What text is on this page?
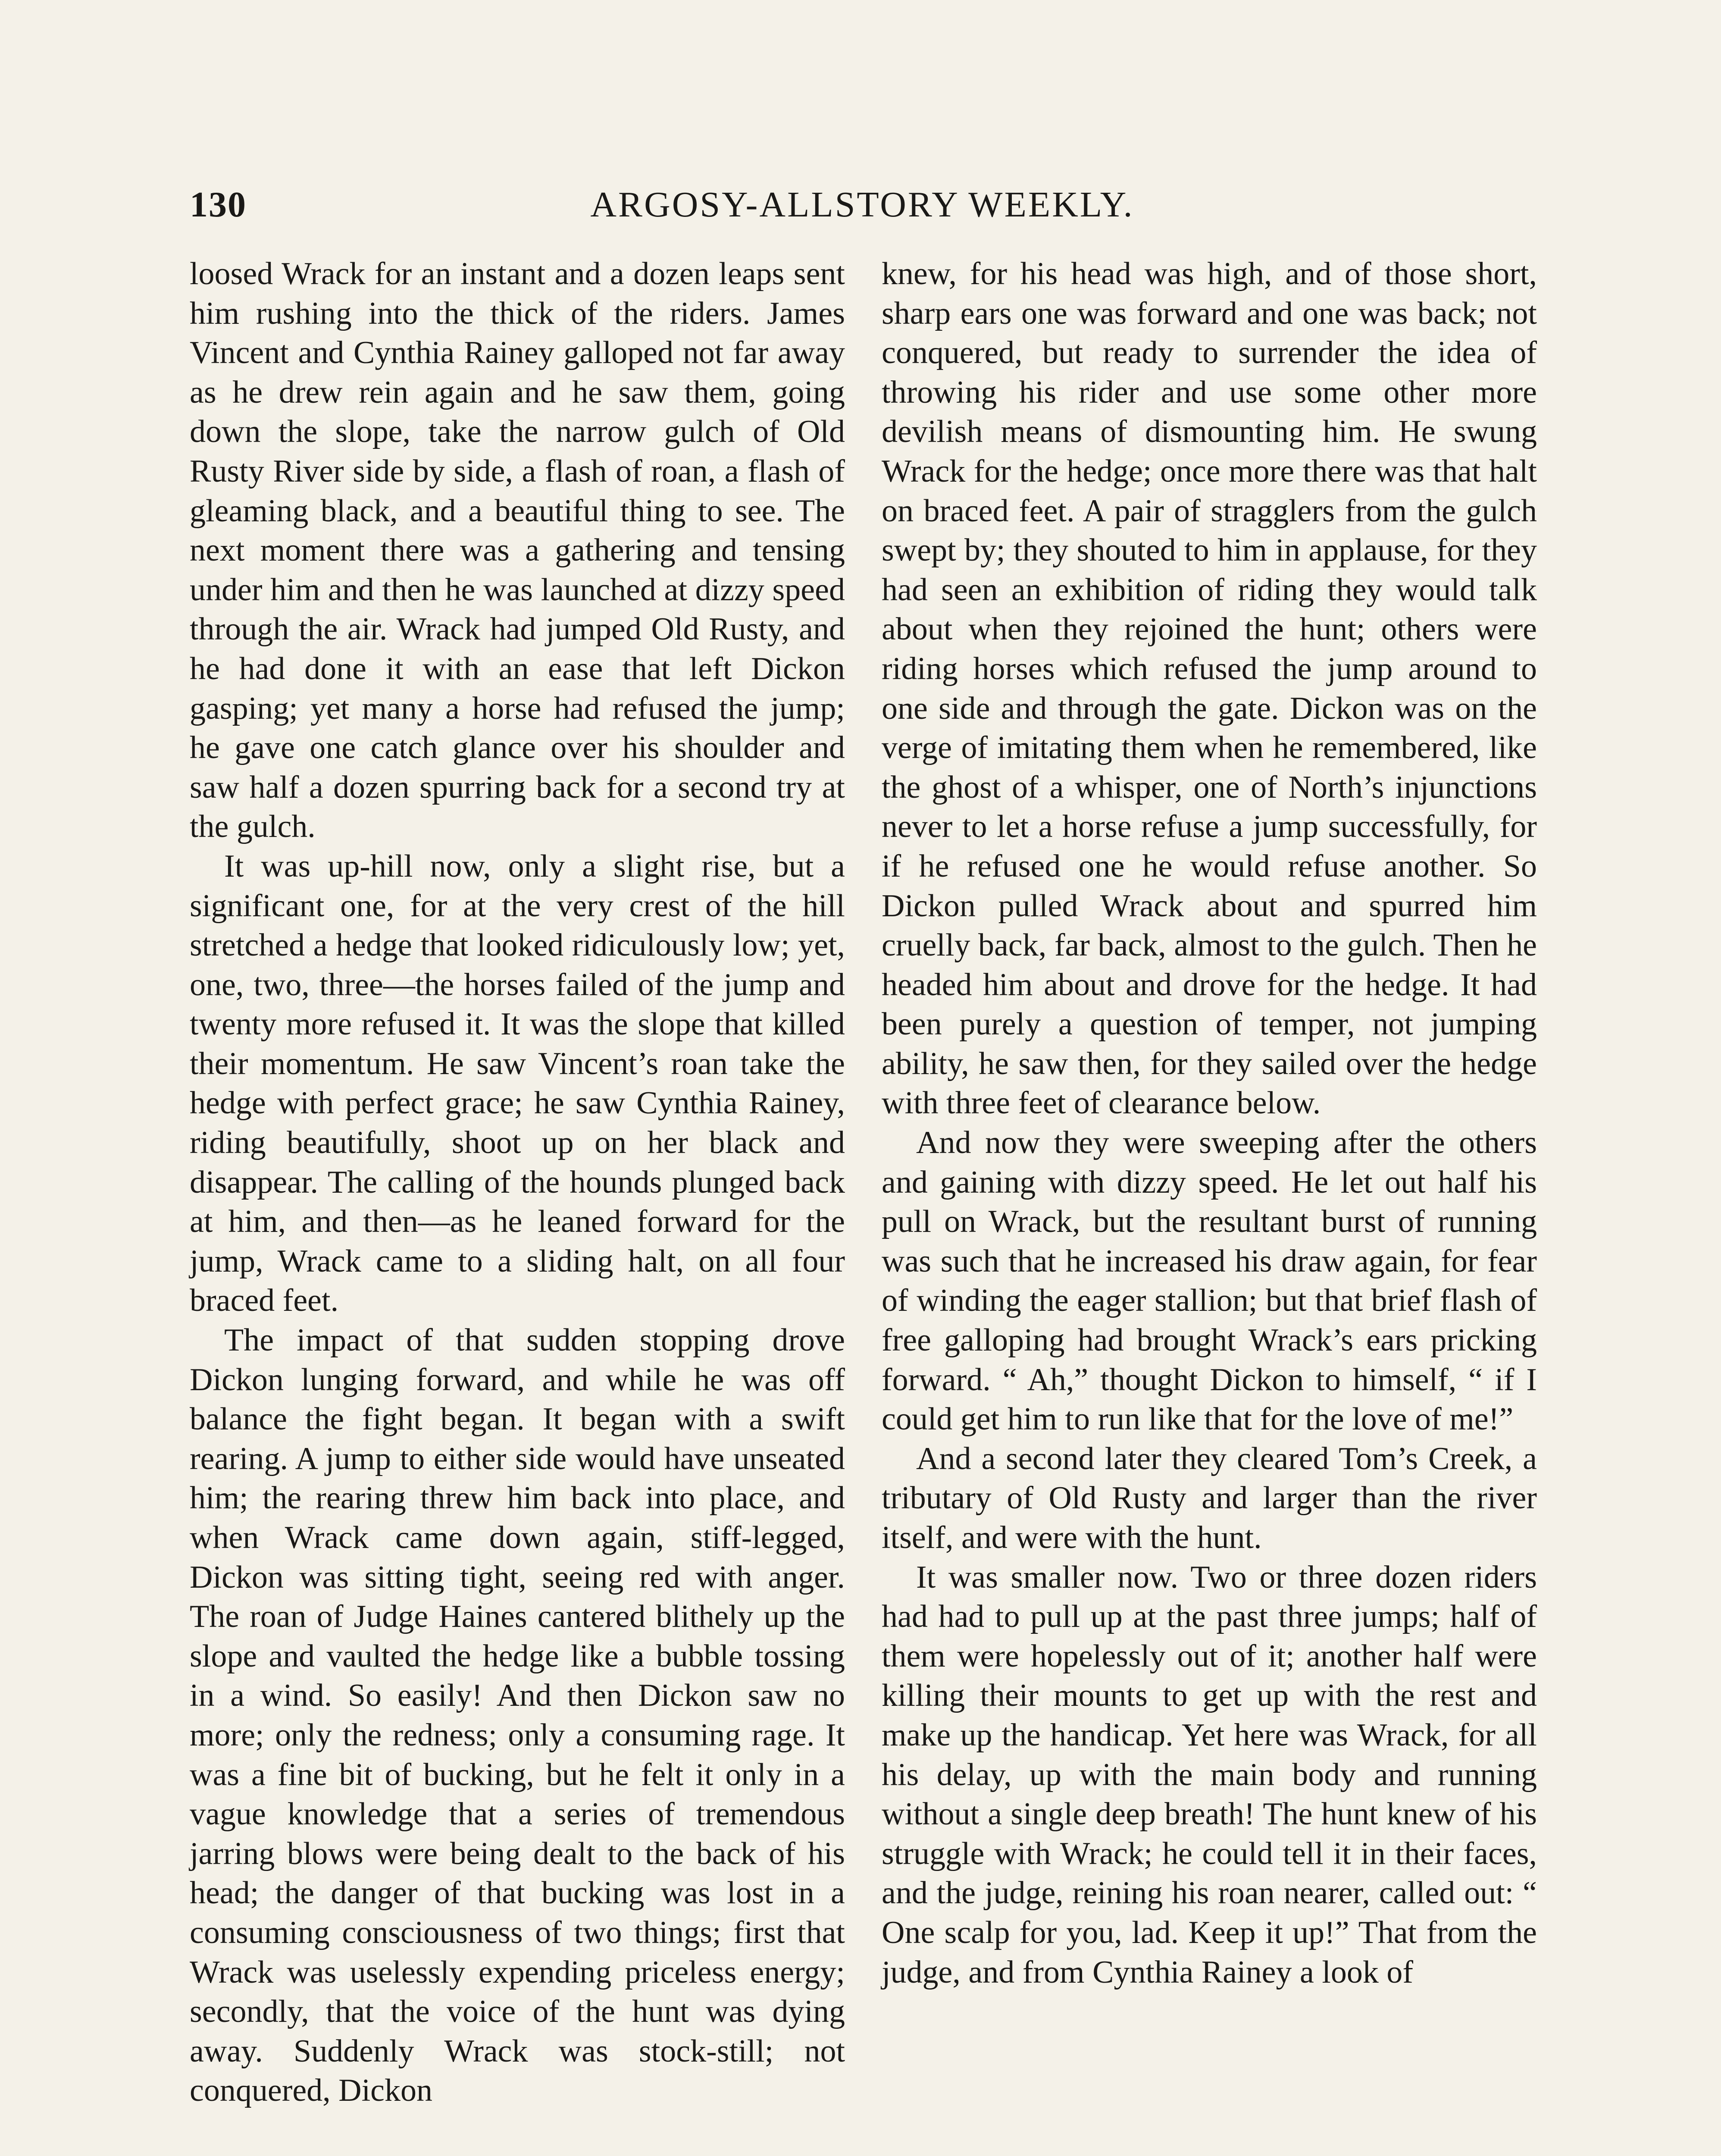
130	ARGOSY-ALLSTORY WEEKLY.

loosed Wrack for an instant and a dozen leaps sent him rushing into the thick of the riders. James Vincent and Cynthia Rainey galloped not far away as he drew rein again and he saw them, going down the slope, take the narrow gulch of Old Rusty River side by side, a flash of roan, a flash of gleaming black, and a beautiful thing to see. The next moment there was a gathering and tensing under him and then he was launched at dizzy speed through the air. Wrack had jumped Old Rusty, and he had done it with an ease that left Dickon gasping; yet many a horse had refused the jump; he gave one catch glance over his shoulder and saw half a dozen spurring back for a second try at the gulch.

It was up-hill now, only a slight rise, but a significant one, for at the very crest of the hill stretched a hedge that looked ridiculously low; yet, one, two, three—the horses failed of the jump and twenty more refused it. It was the slope that killed their momentum. He saw Vincent’s roan take the hedge with perfect grace; he saw Cynthia Rainey, riding beautifully, shoot up on her black and disappear. The calling of the hounds plunged back at him, and then—as he leaned forward for the jump, Wrack came to a sliding halt, on all four braced feet.

The impact of that sudden stopping drove Dickon lunging forward, and while he was off balance the fight began. It began with a swift rearing. A jump to either side would have unseated him; the rearing threw him back into place, and when Wrack came down again, stiff-legged, Dickon was sitting tight, seeing red with anger. The roan of Judge Haines cantered blithely up the slope and vaulted the hedge like a bubble tossing in a wind. So easily! And then Dickon saw no more; only the redness; only a consuming rage. It was a fine bit of bucking, but he felt it only in a vague knowledge that a series of tremendous jarring blows were being dealt to the back of his head; the danger of that bucking was lost in a consuming consciousness of two things; first that Wrack was uselessly expending priceless energy; secondly, that the voice of the hunt was dying away. Suddenly Wrack was stock-still; not conquered, Dickon

knew, for his head was high, and of those short, sharp ears one was forward and one was back; not conquered, but ready to surrender the idea of throwing his rider and use some other more devilish means of dismounting him. He swung Wrack for the hedge; once more there was that halt on braced feet. A pair of stragglers from the gulch swept by; they shouted to him in applause, for they had seen an exhibition of riding they would talk about when they rejoined the hunt; others were riding horses which refused the jump around to one side and through the gate. Dickon was on the verge of imitating them when he remembered, like the ghost of a whisper, one of North’s injunctions never to let a horse refuse a jump successfully, for if he refused one he would refuse another. So Dickon pulled Wrack about and spurred him cruelly back, far back, almost to the gulch. Then he headed him about and drove for the hedge. It had been purely a question of temper, not jumping ability, he saw then, for they sailed over the hedge with three feet of clearance below.

And now they were sweeping after the others and gaining with dizzy speed. He let out half his pull on Wrack, but the resultant burst of running was such that he increased his draw again, for fear of winding the eager stallion; but that brief flash of free galloping had brought Wrack’s ears pricking forward. “ Ah,” thought Dickon to himself, “ if I could get him to run like that for the love of me!”

And a second later they cleared Tom’s Creek, a tributary of Old Rusty and larger than the river itself, and were with the hunt.

It was smaller now. Two or three dozen riders had had to pull up at the past three jumps; half of them were hopelessly out of it; another half were killing their mounts to get up with the rest and make up the handicap. Yet here was Wrack, for all his delay, up with the main body and running without a single deep breath! The hunt knew of his struggle with Wrack; he could tell it in their faces, and the judge, reining his roan nearer, called out: “ One scalp for you, lad. Keep it up!” That from the judge, and from Cynthia Rainey a look of
